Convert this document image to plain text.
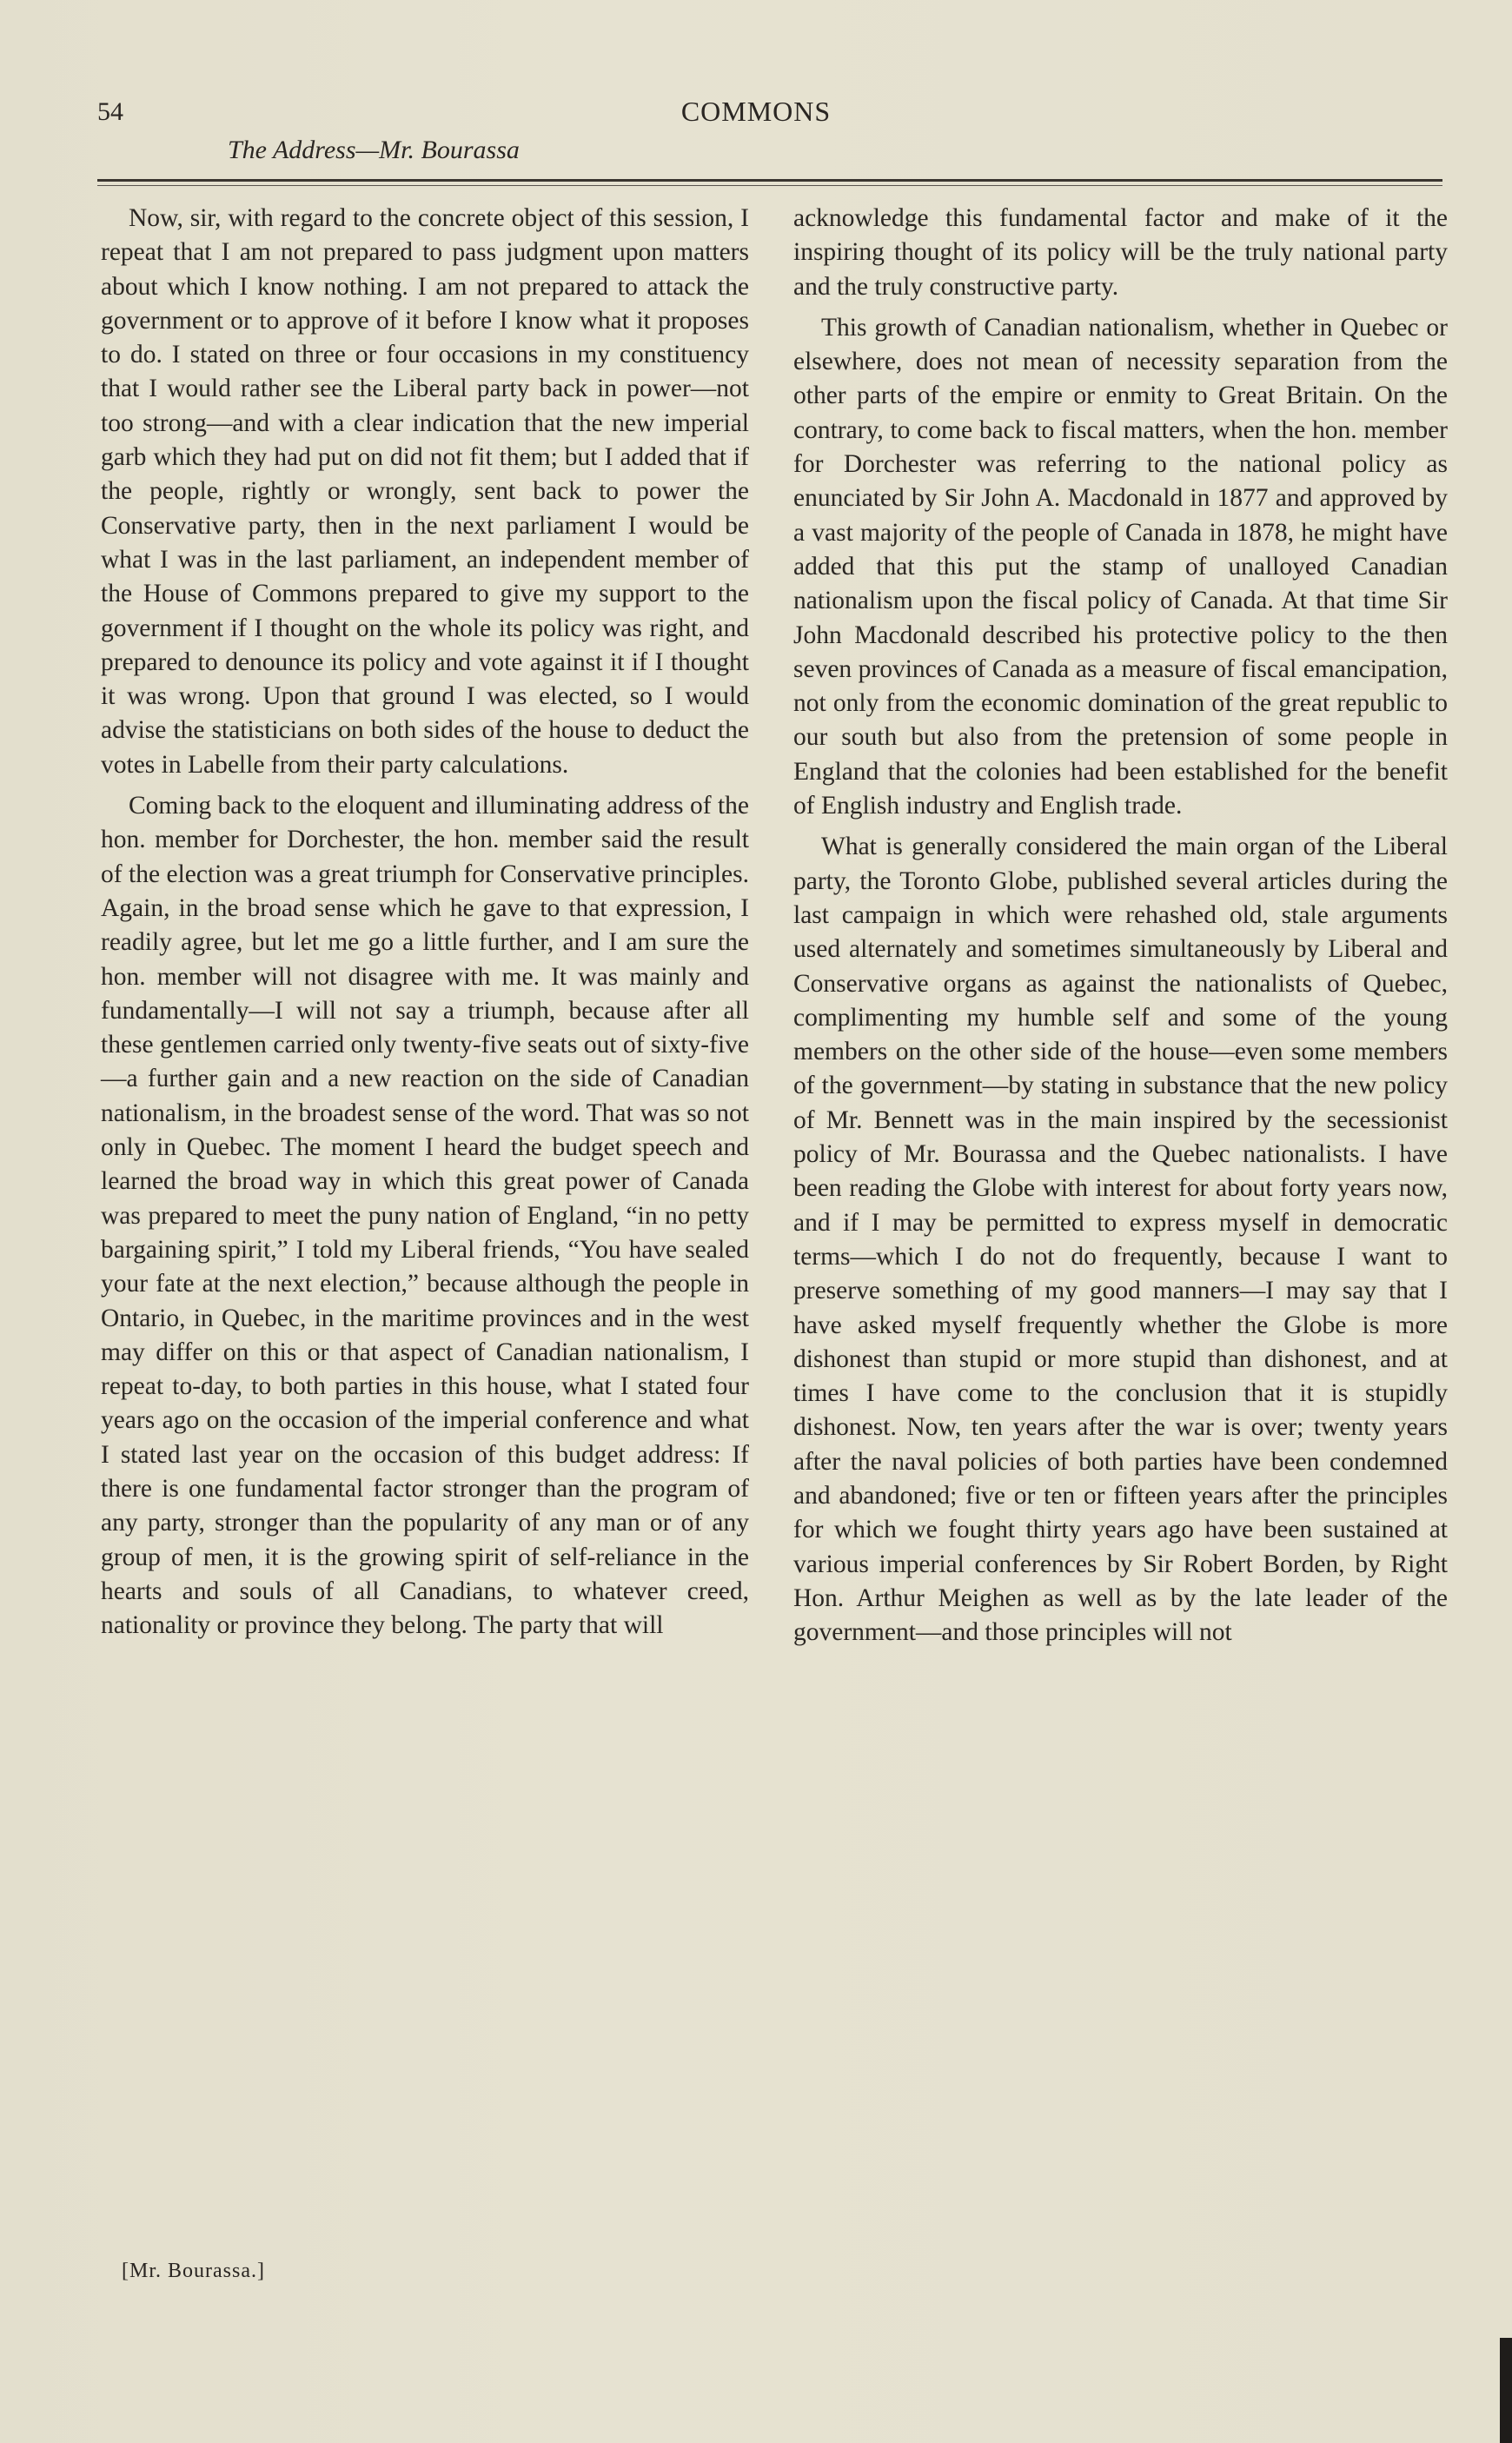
54	COMMONS
The Address—Mr. Bourassa

Now, sir, with regard to the concrete object of this session, I repeat that I am not prepared to pass judgment upon matters about which I know nothing. I am not prepared to attack the government or to approve of it before I know what it proposes to do. I stated on three or four occasions in my constituency that I would rather see the Liberal party back in power—not too strong—and with a clear indication that the new imperial garb which they had put on did not fit them; but I added that if the people, rightly or wrongly, sent back to power the Conservative party, then in the next parliament I would be what I was in the last parliament, an independent member of the House of Commons prepared to give my support to the government if I thought on the whole its policy was right, and prepared to denounce its policy and vote against it if I thought it was wrong. Upon that ground I was elected, so I would advise the statisticians on both sides of the house to deduct the votes in Labelle from their party calculations.

Coming back to the eloquent and illuminating address of the hon. member for Dorchester, the hon. member said the result of the election was a great triumph for Conservative principles. Again, in the broad sense which he gave to that expression, I readily agree, but let me go a little further, and I am sure the hon. member will not disagree with me. It was mainly and fundamentally—I will not say a triumph, because after all these gentlemen carried only twenty-five seats out of sixty-five—a further gain and a new reaction on the side of Canadian nationalism, in the broadest sense of the word. That was so not only in Quebec. The moment I heard the budget speech and learned the broad way in which this great power of Canada was prepared to meet the puny nation of England, “in no petty bargaining spirit,” I told my Liberal friends, “You have sealed your fate at the next election,” because although the people in Ontario, in Quebec, in the maritime provinces and in the west may differ on this or that aspect of Canadian nationalism, I repeat to-day, to both parties in this house, what I stated four years ago on the occasion of the imperial conference and what I stated last year on the occasion of this budget address: If there is one fundamental factor stronger than the program of any party, stronger than the popularity of any man or of any group of men, it is the growing spirit of self-reliance in the hearts and souls of all Canadians, to whatever creed, nationality or province they belong. The party that will

acknowledge this fundamental factor and make of it the inspiring thought of its policy will be the truly national party and the truly constructive party.

This growth of Canadian nationalism, whether in Quebec or elsewhere, does not mean of necessity separation from the other parts of the empire or enmity to Great Britain. On the contrary, to come back to fiscal matters, when the hon. member for Dorchester was referring to the national policy as enunciated by Sir John A. Macdonald in 1877 and approved by a vast majority of the people of Canada in 1878, he might have added that this put the stamp of unalloyed Canadian nationalism upon the fiscal policy of Canada. At that time Sir John Macdonald described his protective policy to the then seven provinces of Canada as a measure of fiscal emancipation, not only from the economic domination of the great republic to our south but also from the pretension of some people in England that the colonies had been established for the benefit of English industry and English trade.

What is generally considered the main organ of the Liberal party, the Toronto Globe, published several articles during the last campaign in which were rehashed old, stale arguments used alternately and sometimes simultaneously by Liberal and Conservative organs as against the nationalists of Quebec, complimenting my humble self and some of the young members on the other side of the house—even some members of the government—by stating in substance that the new policy of Mr. Bennett was in the main inspired by the secessionist policy of Mr. Bourassa and the Quebec nationalists. I have been reading the Globe with interest for about forty years now, and if I may be permitted to express myself in democratic terms—which I do not do frequently, because I want to preserve something of my good manners—I may say that I have asked myself frequently whether the Globe is more dishonest than stupid or more stupid than dishonest, and at times I have come to the conclusion that it is stupidly dishonest. Now, ten years after the war is over; twenty years after the naval policies of both parties have been condemned and abandoned; five or ten or fifteen years after the principles for which we fought thirty years ago have been sustained at various imperial conferences by Sir Robert Borden, by Right Hon. Arthur Meighen as well as by the late leader of the government—and those principles will not

[Mr. Bourassa.]
